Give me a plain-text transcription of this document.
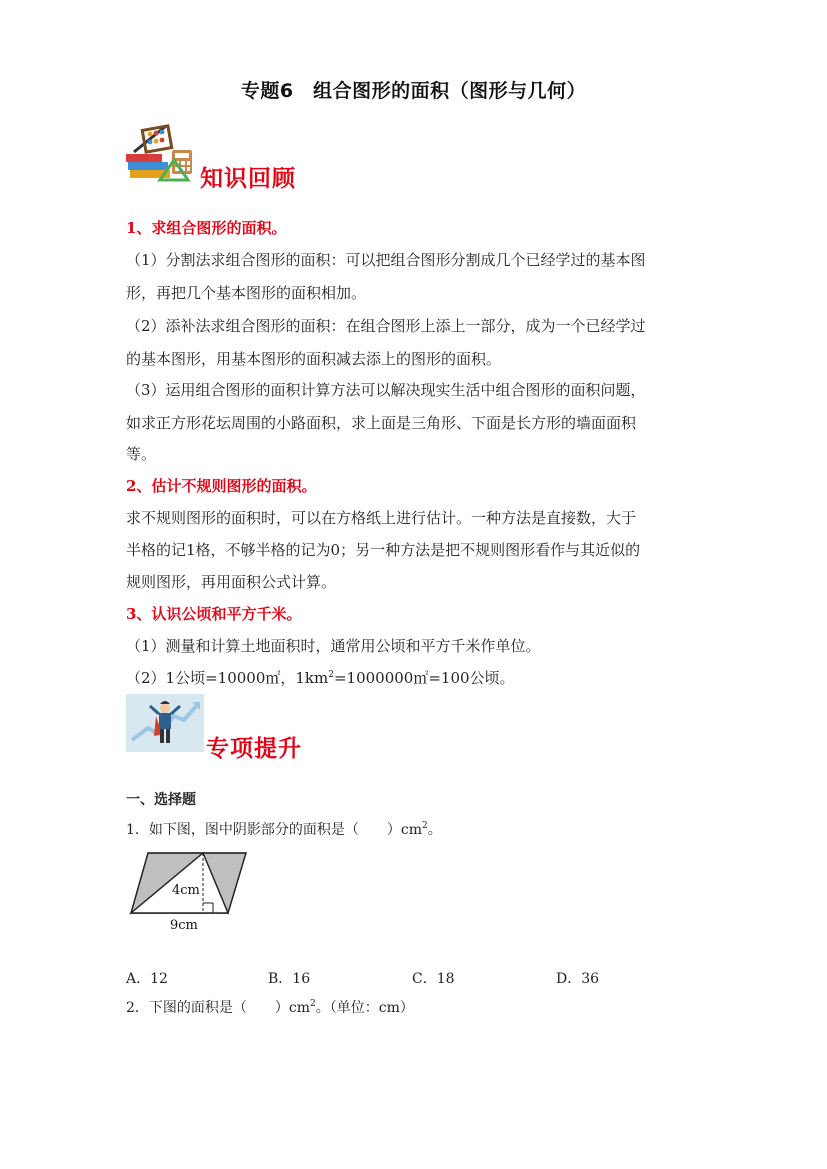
专题6　组合图形的面积（图形与几何）
知识回顾
1、求组合图形的面积。
（1）分割法求组合图形的面积：可以把组合图形分割成几个已经学过的基本图
形，再把几个基本图形的面积相加。
（2）添补法求组合图形的面积：在组合图形上添上一部分，成为一个已经学过
的基本图形，用基本图形的面积减去添上的图形的面积。
（3）运用组合图形的面积计算方法可以解决现实生活中组合图形的面积问题，
如求正方形花坛周围的小路面积，求上面是三角形、下面是长方形的墙面面积
等。
2、估计不规则图形的面积。
求不规则图形的面积时，可以在方格纸上进行估计。一种方法是直接数，大于
半格的记1格，不够半格的记为0；另一种方法是把不规则图形看作与其近似的
规则图形，再用面积公式计算。
3、认识公顷和平方千米。
（1）测量和计算土地面积时，通常用公顷和平方千米作单位。
（2）1公顷=10000㎡，$1km^2=1000000㎡=100$公顷。
专项提升
一、选择题
1．如下图，图中阴影部分的面积是（　　）$cm^2$。
4cm
9cm
A．12	B．16	C．18	D．36
2．下图的面积是（　　）$cm^2$。（单位：cm）
